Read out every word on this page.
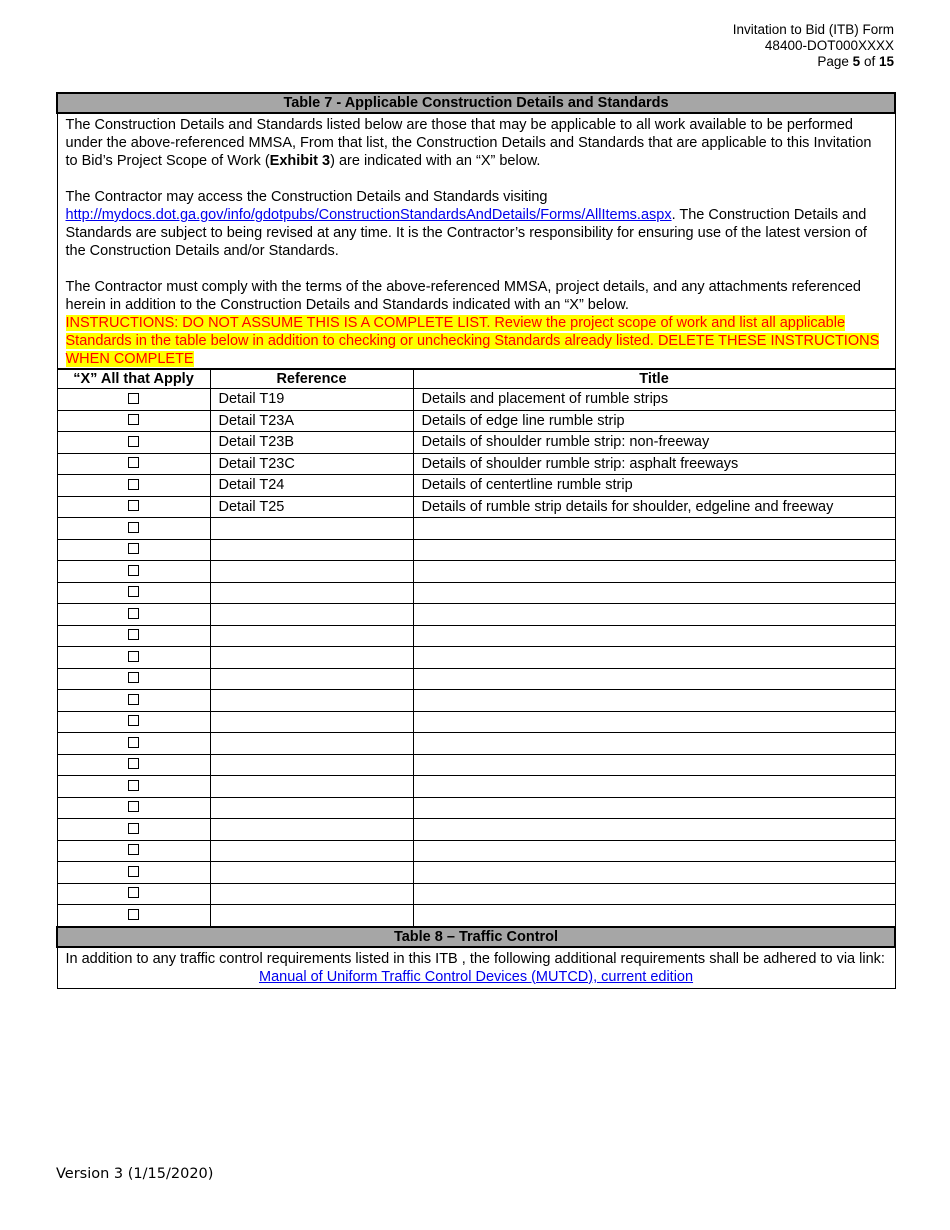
Invitation to Bid (ITB) Form
48400-DOT000XXXX
Page 5 of 15
Table 7 - Applicable Construction Details and Standards		

The Construction Details and Standards listed below are those that may be applicable to all work available to be performed under the above-referenced MMSA, From that list, the Construction Details and Standards that are applicable to this Invitation to Bid’s Project Scope of Work (Exhibit 3) are indicated with an “X” below.

The Contractor may access the Construction Details and Standards visiting
http://mydocs.dot.ga.gov/info/gdotpubs/ConstructionStandardsAndDetails/Forms/AllItems.aspx. The Construction Details and Standards are subject to being revised at any time. It is the Contractor’s responsibility for ensuring use of the latest version of the Construction Details and/or Standards.

The Contractor must comply with the terms of the above-referenced MMSA, project details, and any attachments referenced herein in addition to the Construction Details and Standards indicated with an “X” below.
INSTRUCTIONS: DO NOT ASSUME THIS IS A COMPLETE LIST. Review the project scope of work and list all applicable Standards in the table below in addition to checking or unchecking Standards already listed. DELETE THESE INSTRUCTIONS WHEN COMPLETE		

“X” All that Apply	Reference	Title
	Detail T19	Details and placement of rumble strips
	Detail T23A	Details of edge line rumble strip
	Detail T23B	Details of shoulder rumble strip: non-freeway
	Detail T23C	Details of shoulder rumble strip: asphalt freeways
	Detail T24	Details of centertline rumble strip
	Detail T25	Details of rumble strip details for shoulder, edgeline and freeway

Table 8 – Traffic Control		

In addition to any traffic control requirements listed in this ITB , the following additional requirements shall be adhered to via link:
Manual of Uniform Traffic Control Devices (MUTCD), current edition		
Version 3 (1/15/2020)
